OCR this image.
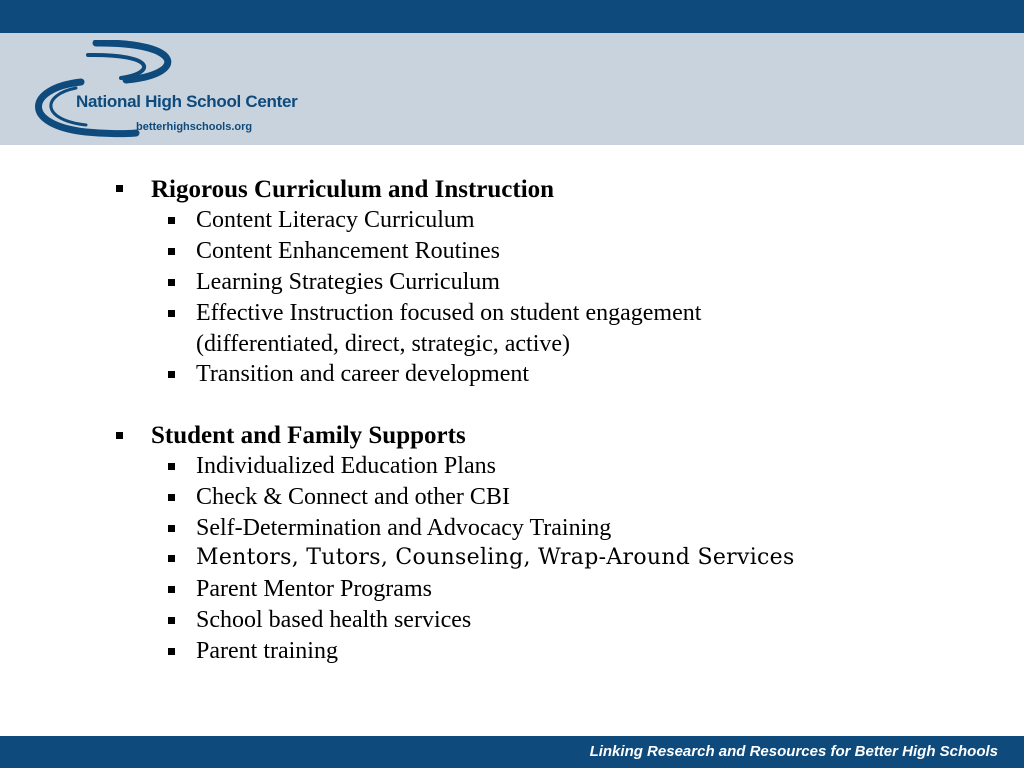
National High School Center
betterhighschools.org
Rigorous Curriculum and Instruction
Content Literacy Curriculum
Content Enhancement Routines
Learning Strategies Curriculum
Effective Instruction focused on student engagement
(differentiated, direct, strategic, active)
Transition and career development
Student and Family Supports
Individualized Education Plans
Check & Connect and other CBI
Self-Determination and Advocacy Training
Mentors, Tutors, Counseling, Wrap-Around Services
Parent Mentor Programs
School based health services
Parent training
Linking Research and Resources for Better High Schools
